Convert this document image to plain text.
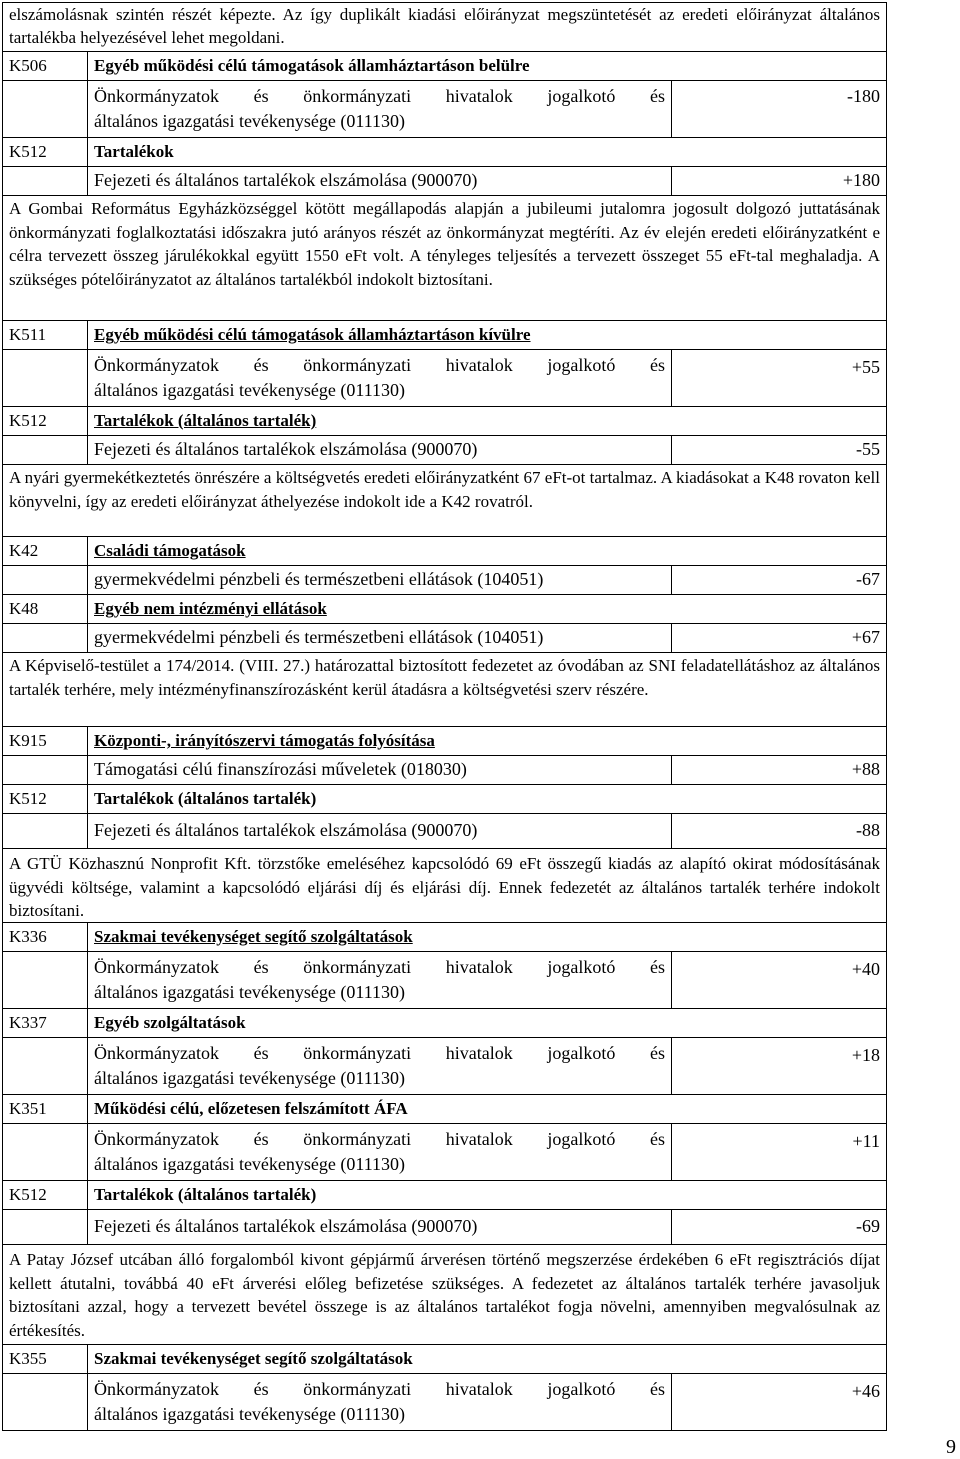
elszámolásnak szintén részét képezte. Az így duplikált kiadási előirányzat megszüntetését az eredeti előirányzat általános tartalékba helyezésével lehet megoldani.
K506	Egyéb működési célú támogatások államháztartáson belülre
Önkormányzatok és önkormányzati hivatalok jogalkotó és
általános igazgatási tevékenysége (011130)
-180
K512	Tartalékok
Fejezeti és általános tartalékok elszámolása (900070)	+180
A Gombai Református Egyházközséggel kötött megállapodás alapján a jubileumi jutalomra jogosult dolgozó juttatásának önkormányzati foglalkoztatási időszakra jutó arányos részét az önkormányzat megtéríti. Az év elején eredeti előirányzatként e célra tervezett összeg járulékokkal együtt 1550 eFt volt. A tényleges teljesítés a tervezett összeget 55 eFt-tal meghaladja. A szükséges pótelőirányzatot az általános tartalékból indokolt biztosítani.
K511	Egyéb működési célú támogatások államháztartáson kívülre
Önkormányzatok és önkormányzati hivatalok jogalkotó és
általános igazgatási tevékenysége (011130)
+55
K512	Tartalékok (általános tartalék)
Fejezeti és általános tartalékok elszámolása (900070)	-55
A nyári gyermekétkeztetés önrészére a költségvetés eredeti előirányzatként 67 eFt-ot tartalmaz. A kiadásokat a K48 rovaton kell könyvelni, így az eredeti előirányzat áthelyezése indokolt ide a K42 rovatról.
K42	Családi támogatások
gyermekvédelmi pénzbeli és természetbeni ellátások (104051)	-67
K48	Egyéb nem intézményi ellátások
gyermekvédelmi pénzbeli és természetbeni ellátások (104051)	+67
A Képviselő-testület a 174/2014. (VIII. 27.) határozattal biztosított fedezetet az óvodában az SNI feladatellátáshoz az általános tartalék terhére, mely intézményfinanszírozásként kerül átadásra a költségvetési szerv részére.
K915	Központi-, irányítószervi támogatás folyósítása
Támogatási célú finanszírozási műveletek (018030)	+88
K512	Tartalékok (általános tartalék)
Fejezeti és általános tartalékok elszámolása (900070)	-88
A GTÜ Közhasznú Nonprofit Kft. törzstőke emeléséhez kapcsolódó 69 eFt összegű kiadás az alapító okirat módosításának ügyvédi költsége, valamint a kapcsolódó eljárási díj és eljárási díj. Ennek fedezetét az általános tartalék terhére indokolt biztosítani.
K336	Szakmai tevékenységet segítő szolgáltatások
Önkormányzatok és önkormányzati hivatalok jogalkotó és
általános igazgatási tevékenysége (011130)
+40
K337	Egyéb szolgáltatások
Önkormányzatok és önkormányzati hivatalok jogalkotó és
általános igazgatási tevékenysége (011130)
+18
K351	Működési célú, előzetesen felszámított ÁFA
Önkormányzatok és önkormányzati hivatalok jogalkotó és
általános igazgatási tevékenysége (011130)
+11
K512	Tartalékok (általános tartalék)
Fejezeti és általános tartalékok elszámolása (900070)	-69
A Patay József utcában álló forgalomból kivont gépjármű árverésen történő megszerzése érdekében 6 eFt regisztrációs díjat kellett átutalni, továbbá 40 eFt árverési előleg befizetése szükséges. A fedezetet az általános tartalék terhére javasoljuk biztosítani azzal, hogy a tervezett bevétel összege is az általános tartalékot fogja növelni, amennyiben megvalósulnak az értékesítés.
K355	Szakmai tevékenységet segítő szolgáltatások
Önkormányzatok és önkormányzati hivatalok jogalkotó és
általános igazgatási tevékenysége (011130)
+46
9
